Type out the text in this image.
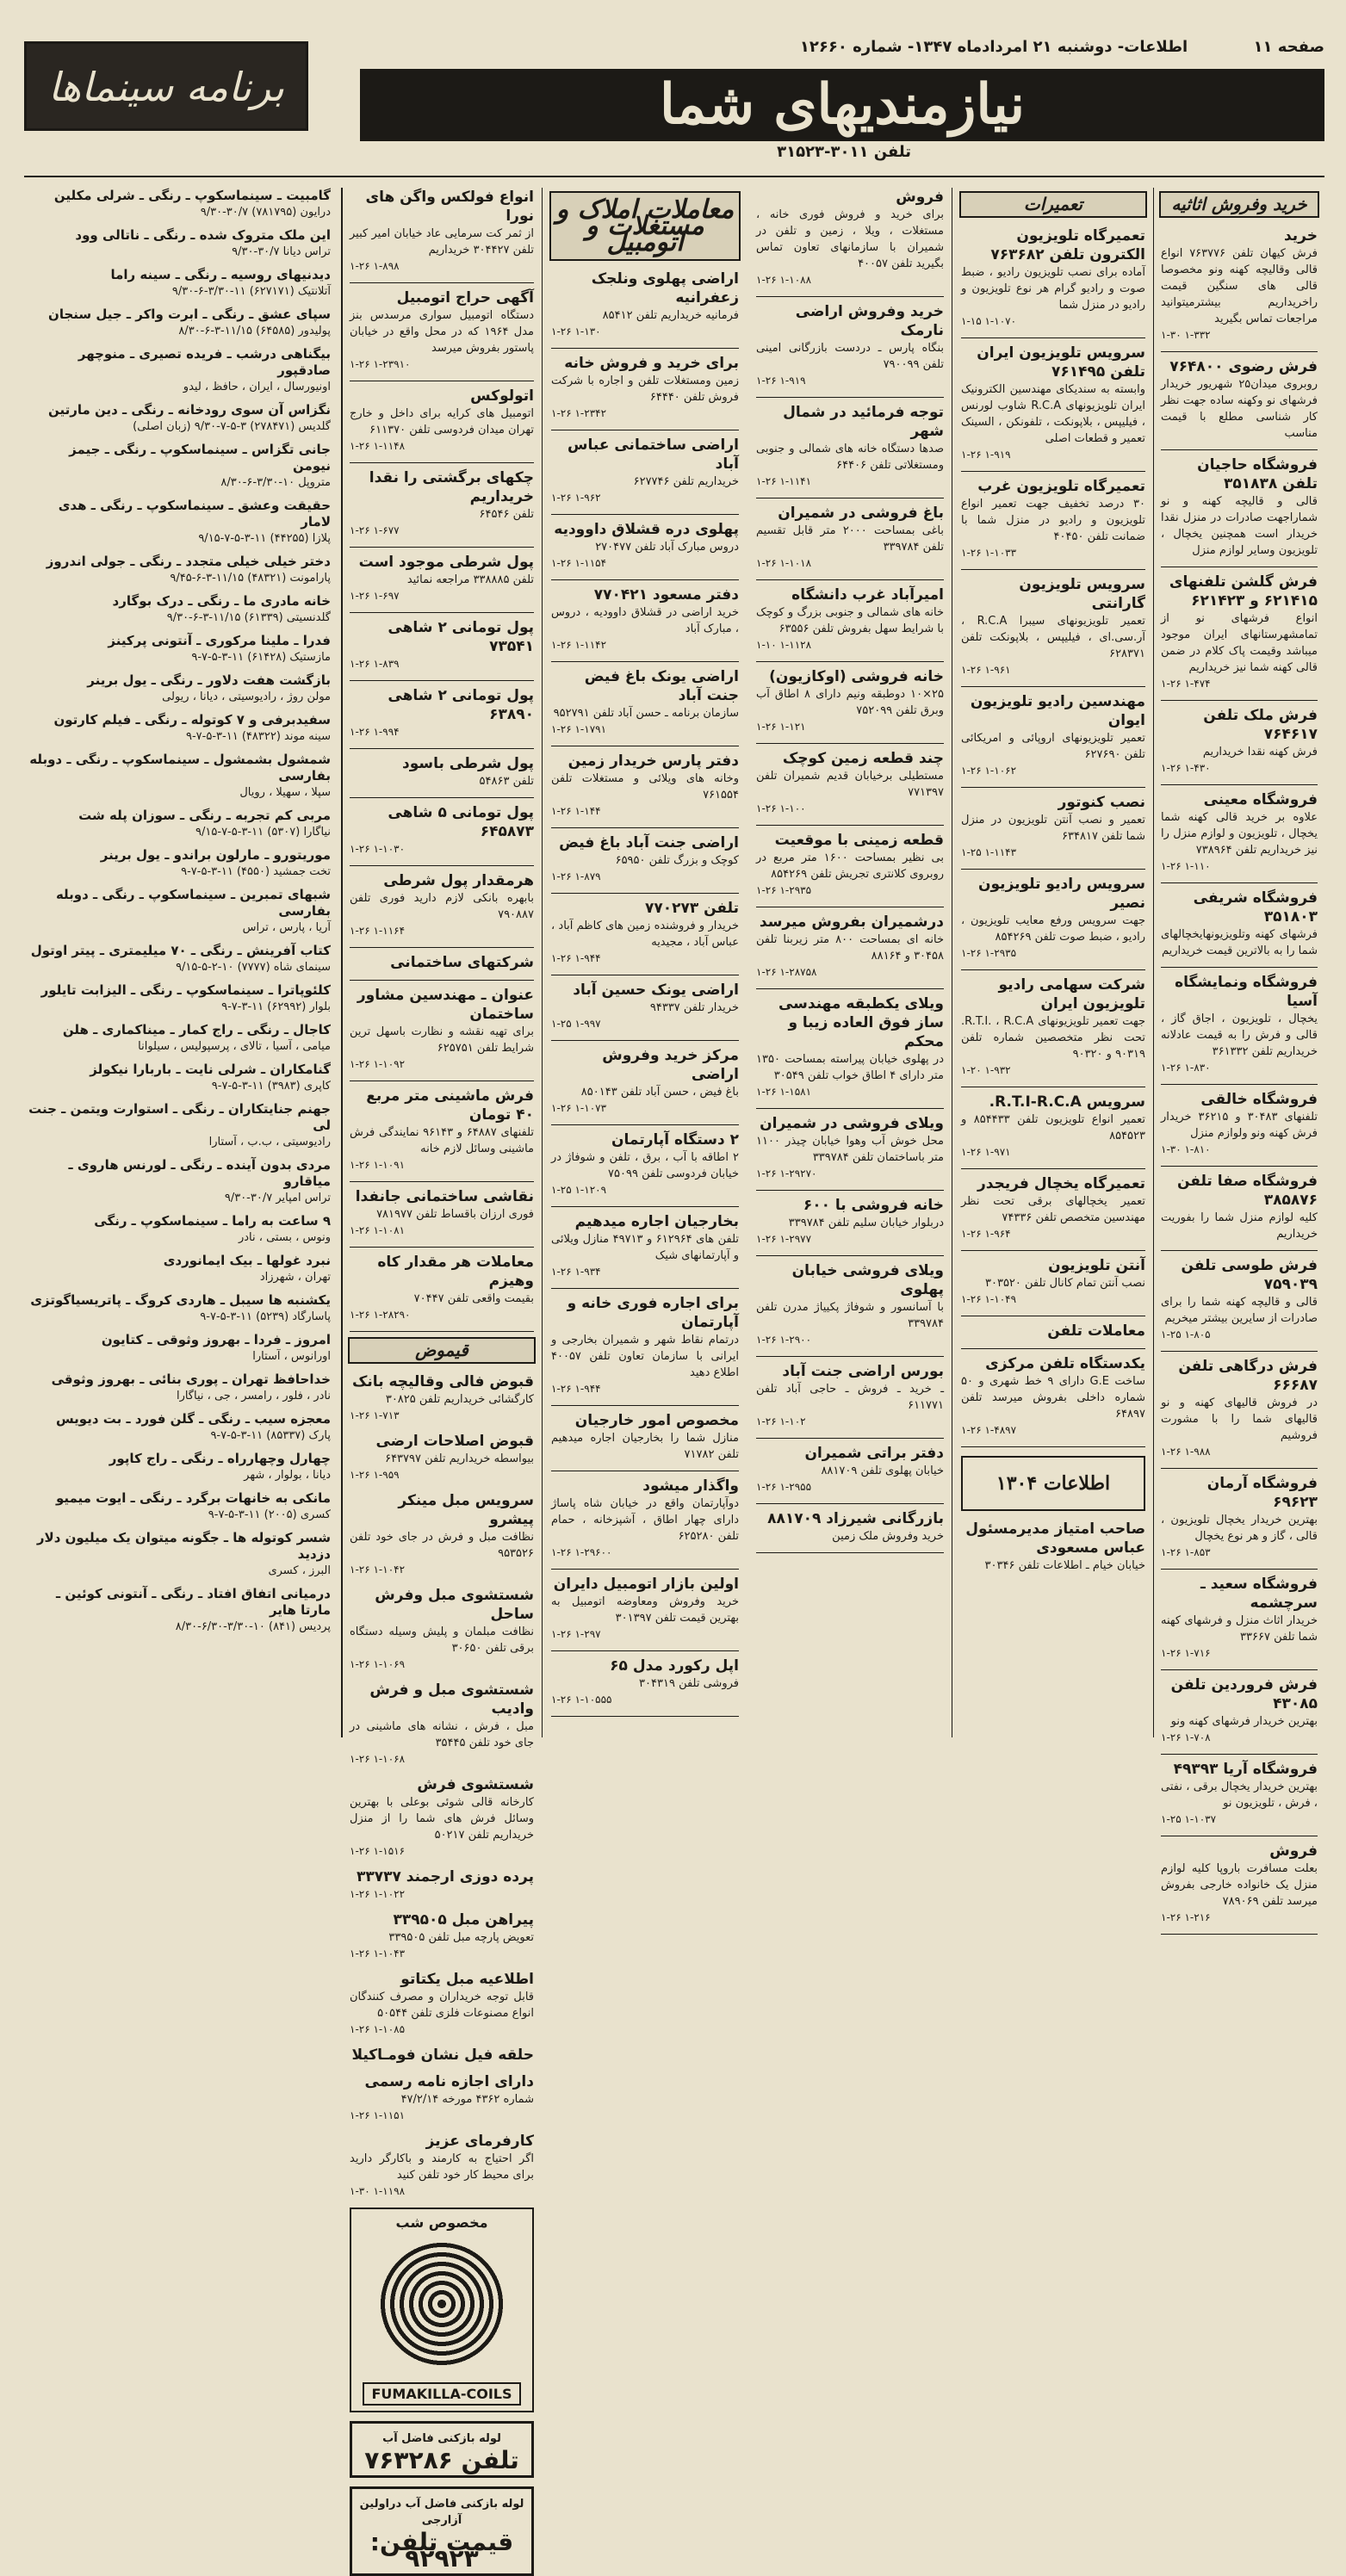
صفحه ۱۱ اطلاعات- دوشنبه ۲۱ امردادماه ۱۳۴۷- شماره ۱۲۶۶۰
نیازمندیهای شما
تلفن ۳۰۱۱-۳۱۵۲۳
برنامه سینماها
خرید وفروش اثاثیه
خرید
فرش کیهان تلفن ۷۶۳۷۷۶ انواع قالی وقالیچه کهنه ونو مخصوصا قالی های سنگین قیمت راخریداریم بیشترمیتوانید مراجعات تماس بگیرید
۱-۳۰ ۱-۳۳۲
فرش رضوی ۷۶۴۸۰۰
روبروی میدان۲۵ شهریور خریدار فرشهای نو وکهنه ساده جهت نظر کار شناسی مطلع با قیمت مناسب
فروشگاه حاجیان تلفن ۳۵۱۸۳۸
قالی و قالیچه کهنه و نو شماراجهت صادرات در منزل نقدا خریدار است همچنین یخچال ، تلویزیون وسایر لوازم منزل
فرش گلشن تلفنهای ۶۲۱۴۱۵ و ۶۲۱۴۲۳
انواع فرشهای نو از تمامشهرستانهای ایران موجود میباشد وقیمت پاک کلام در ضمن قالی کهنه شما نیز خریداریم
۱-۲۶ ۱-۴۷۴
فرش ملک تلفن ۷۶۴۶۱۷
فرش کهنه نقدا خریداریم
۱-۲۶ ۱-۴۳۰
فروشگاه معینی
علاوه بر خرید قالی کهنه شما یخچال ، تلویزیون و لوازم منزل را نیز خریداریم تلفن ۷۳۸۹۶۴
۱-۲۶ ۱-۱۱۰
فروشگاه شریفی ۳۵۱۸۰۳
فرشهای کهنه وتلویزیونهایخچالهای شما را به بالاترین قیمت خریداریم
فروشگاه ونمایشگاه آسیا
یخچال ، تلویزیون ، اجاق گاز ، قالی و فرش را به قیمت عادلانه خریداریم تلفن ۳۶۱۳۳۲
۱-۲۶ ۱-۸۳۰
فروشگاه خالقی
تلفنهای ۳۰۴۸۳ و ۳۶۲۱۵ خریدار فرش کهنه ونو ولوازم منزل
۱-۳۰ ۱-۸۱۰
فروشگاه صفا تلفن ۳۸۵۸۷۶
کلیه لوازم منزل شما را بفوریت خریداریم
فرش طوسی تلفن ۷۵۹۰۳۹
قالی و قالیچه کهنه شما را برای صادرات از سایرین بیشتر میخریم
۱-۲۵ ۱-۸۰۵
فرش درگاهی تلفن ۶۶۶۸۷
در فروش قالیهای کهنه و نو قالیهای شما را با مشورت فروشیم
۱-۲۶ ۱-۹۸۸
فروشگاه آرمان ۶۹۶۲۳
بهترین خریدار یخچال تلویزیون ، قالی ، گاز و هر نوع یخچال
۱-۲۶ ۱-۸۵۳
فروشگاه سعید ـ سرچشمه
خریدار اثاث منزل و فرشهای کهنه شما تلفن ۳۳۶۶۷
۱-۲۶ ۱-۷۱۶
فرش فروردین تلفن ۴۳۰۸۵
بهترین خریدار فرشهای کهنه ونو
۱-۲۶ ۱-۷۰۸
فروشگاه آریا ۴۹۳۹۳
بهترین خریدار یخچال برقی ، نفتی ، فرش ، تلویزیون نو
۱-۲۵ ۱-۱۰۳۷
فروش
بعلت مسافرت باروپا کلیه لوازم منزل یک خانواده خارجی بفروش میرسد تلفن ۷۸۹۰۶۹
۱-۲۶ ۱-۲۱۶
تعمیرات
تعمیرگاه تلویزیون الکترون تلفن ۷۶۳۶۸۲
آماده برای نصب تلویزیون رادیو ، ضبط صوت و رادیو گرام هر نوع تلویزیون و رادیو در منزل شما
۱-۱۵ ۱-۱۰۷۰
سرویس تلویزیون ایران تلفن ۷۶۱۴۹۵
وابسته به سندیکای مهندسین الکترونیک ایران تلویزیونهای R.C.A شاوب لورنس ، فیلیپس ، بلاپونکت ، تلفونکن ، السینک تعمیر و قطعات اصلی
۱-۲۶ ۱-۹۱۹
تعمیرگاه تلویزیون غرب
۳۰ درصد تخفیف جهت تعمیر انواع تلویزیون و رادیو در منزل شما با ضمانت تلفن ۴۰۴۵۰
۱-۲۶ ۱-۱۰۳۳
سرویس تلویزیون گارانتی
تعمیر تلویزیونهای سیبرا R.C.A ، آر.سی.ای ، فیلیپس ، بلاپونکت تلفن ۶۲۸۳۷۱
۱-۲۶ ۱-۹۶۱
مهندسین رادیو تلویزیون ایوان
تعمیر تلویزیونهای اروپائی و امریکائی تلفن ۶۲۷۶۹۰
۱-۲۶ ۱-۱۰۶۲
نصب کنوتور
تعمیر و نصب آنتن تلویزیون در منزل شما تلفن ۶۳۴۸۱۷
۱-۲۵ ۱-۱۱۴۳
سرویس رادیو تلویزیون نصیر
جهت سرویس ورفع معایب تلویزیون ، رادیو ، ضبط صوت تلفن ۸۵۴۲۶۹
۱-۲۶ ۱-۲۹۳۵
شرکت سهامی رادیو تلویزیون ایران
جهت تعمیر تلویزیونهای R.T.I. ، R.C.A. تحت نظر متخصصین شماره تلفن ۹۰۳۱۹ و ۹۰۳۲۰
۱-۲۰ ۱-۹۳۲
سرویس R.T.I-R.C.A.
تعمیر انواع تلویزیون تلفن ۸۵۴۴۳۳ و ۸۵۴۵۲۳
۱-۲۶ ۱-۹۷۱
تعمیرگاه یخچال فریجدر
تعمیر یخچالهای برقی تحت نظر مهندسین متخصص تلفن ۷۴۳۳۶
۱-۲۶ ۱-۹۶۴
آنتن تلویزیون
نصب آنتن تمام کانال تلفن ۳۰۳۵۲۰
۱-۲۶ ۱-۱۰۴۹
معاملات تلفن
یکدستگاه تلفن مرکزی
ساخت G.E دارای ۹ خط شهری و ۵۰ شماره داخلی بفروش میرسد تلفن ۶۴۸۹۷
۱-۲۶ ۱-۴۸۹۷
اطلاعات ۱۳۰۴
صاحب امتیاز مدیرمسئول عباس مسعودی
خیابان خیام ـ اطلاعات تلفن ۳۰۳۴۶
فروش
برای خرید و فروش فوری خانه ، مستغلات ، ویلا ، زمین و تلفن در شمیران با سازمانهای تعاون تماس بگیرید تلفن ۴۰۰۵۷
۱-۲۶ ۱-۱۰۸۸
خرید وفروش اراضی نارمک
بنگاه پارس ـ دردست بازرگانی امینی تلفن ۷۹۰۰۹۹
۱-۲۶ ۱-۹۱۹
توجه فرمائید در شمال شهر
صدها دستگاه خانه های شمالی و جنوبی ومستغلاتی تلفن ۶۴۴۰۶
۱-۲۶ ۱-۱۱۴۱
باغ فروشی در شمیران
باغی بمساحت ۲۰۰۰ متر قابل تقسیم تلفن ۳۳۹۷۸۴
۱-۲۶ ۱-۱۰۱۸
امیرآباد غرب دانشگاه
خانه های شمالی و جنوبی بزرگ و کوچک با شرایط سهل بفروش تلفن ۶۳۵۵۶
۱-۱۰ ۱-۱۱۲۸
خانه فروشی (اوکازیون)
۲۵×۱۰ دوطبقه ونیم دارای ۸ اطاق آب وبرق تلفن ۷۵۲۰۹۹
۱-۲۶ ۱-۱۲۱
چند قطعه زمین کوچک
مستطیلی برخیابان قدیم شمیران تلفن ۷۷۱۳۹۷
۱-۲۶ ۱-۱۰۰
قطعه زمینی با موقعیت
بی نظیر بمساحت ۱۶۰۰ متر مربع در روبروی کلانتری تجریش تلفن ۸۵۴۲۶۹
۱-۲۶ ۱-۲۹۳۵
درشمیران بفروش میرسد
خانه ای بمساحت ۸۰۰ متر زیربنا تلفن ۳۰۴۵۸ و ۸۸۱۶۴
۱-۲۶ ۱-۲۸۷۵۸
ویلای یکطبقه مهندسی ساز فوق العاده زیبا و محکم
در پهلوی خیابان پیراسته بمساحت ۱۳۵۰ متر دارای ۴ اطاق خواب تلفن ۳۰۵۴۹
۱-۲۶ ۱-۱۵۸۱
ویلای فروشی در شمیران
محل خوش آب وهوا خیابان چیذر ۱۱۰۰ متر باساختمان تلفن ۳۳۹۷۸۴
۱-۲۶ ۱-۲۹۲۷۰
خانه فروشی با ۶۰۰
دربلوار خیابان سلیم تلفن ۳۳۹۷۸۴
۱-۲۶ ۱-۲۹۷۷
ویلای فروشی خیابان پهلوی
با آسانسور و شوفاژ پکییاژ مدرن تلفن ۳۳۹۷۸۴
۱-۲۶ ۱-۲۹۰۰
بورس اراضی جنت آباد
ـ خرید ـ فروش ـ حاجی آباد تلفن ۶۱۱۷۷۱
۱-۲۶ ۱-۱۰۲
دفتر براتی شمیران
خیابان پهلوی تلفن ۸۸۱۷۰۹
۱-۲۶ ۱-۲۹۵۵
بازرگانی شیرزاد ۸۸۱۷۰۹
خرید وفروش ملک زمین
معاملات املاک و مستغلات و اتومبیل
اراضی پهلوی ونلجک زعفرانیه
فرمانیه خریداریم تلفن ۸۵۴۱۲
۱-۲۶ ۱-۱۳۰
برای خرید و فروش خانه
زمین ومستغلات تلفن و اجاره با شرکت فروش تلفن ۶۴۴۴۰
۱-۲۶ ۱-۲۳۴۲
اراضی ساختمانی عباس آباد
خریداریم تلفن ۶۲۷۷۴۶
۱-۲۶ ۱-۹۶۲
پهلوی دره قشلاق داوودیه
دروس مبارک آباد تلفن ۲۷۰۴۷۷
۱-۲۶ ۱-۱۱۵۴
دفتر مسعود ۷۷۰۴۲۱
خرید اراضی در قشلاق داوودیه ، دروس ، مبارک آباد
۱-۲۶ ۱-۱۱۴۲
اراضی یونک باغ فیض جنت آباد
سازمان برنامه ـ حسن آباد تلفن ۹۵۲۷۹۱
۱-۲۶ ۱-۱۷۹۱
دفتر پارس خریدار زمین
وخانه های ویلائی و مستغلات تلفن ۷۶۱۵۵۴
۱-۲۶ ۱-۱۴۴
اراضی جنت آباد باغ فیض
کوچک و بزرگ تلفن ۶۵۹۵۰
۱-۲۶ ۱-۸۷۹
تلفن ۷۷۰۲۷۳
خریدار و فروشنده زمین های کاظم آباد ، عباس آباد ، مجیدیه
۱-۲۶ ۱-۹۴۴
اراضی یونک حسین آباد
خریدار تلفن ۹۴۳۳۷
۱-۲۵ ۱-۹۹۷
مرکز خرید وفروش اراضی
باغ فیض ، حسن آباد تلفن ۸۵۰۱۴۳
۱-۲۶ ۱-۱۰۷۳
۲ دستگاه آپارتمان
۲ اطاقه با آب ، برق ، تلفن و شوفاژ در خیابان فردوسی تلفن ۷۵۰۹۹
۱-۲۵ ۱-۱۲۰۹
بخارجیان اجاره میدهیم
تلفن های ۶۱۲۹۶۴ و ۴۹۷۱۳ منازل ویلائی و آپارتمانهای شیک
۱-۲۶ ۱-۹۳۴
برای اجاره فوری خانه و آپارتمان
درتمام نقاط شهر و شمیران بخارجی و ایرانی با سازمان تعاون تلفن ۴۰۰۵۷ اطلاع دهید
۱-۲۶ ۱-۹۴۴
مخصوص امور خارجیان
منازل شما را بخارجیان اجاره میدهیم تلفن ۷۱۷۸۲
واگذار میشود
دوآپارتمان واقع در خیابان شاه پاساژ دارای چهار اطاق ، آشپزخانه ، حمام تلفن ۶۲۵۲۸۰
۱-۲۶ ۱-۲۹۶۰۰
اولین بازار اتومبیل دایران
خرید وفروش ومعاوضه اتومبیل به بهترین قیمت تلفن ۳۰۱۳۹۷
۱-۲۶ ۱-۲۹۷
اپل رکورد مدل ۶۵
فروشی تلفن ۳۰۴۳۱۹
۱-۲۶ ۱-۱۰۵۵۵
انواع فولکس واگن های نورا
از ثمر کت سرمایی عاد خیابان امیر کبیر تلفن ۳۰۴۴۲۷ خریداریم
۱-۲۶ ۱-۸۹۸
آگهی حراج اتومبیل
دستگاه اتومبیل سواری مرسدس بنز مدل ۱۹۶۴ که در محل واقع در خیابان پاستور بفروش میرسد
۱-۲۶ ۱-۲۳۹۱۰
اتولوکس
اتومبیل های کرایه برای داخل و خارج تهران میدان فردوسی تلفن ۶۱۱۳۷۰
۱-۲۶ ۱-۱۱۴۸
چکهای برگشتی را نقدا خریداریم
تلفن ۶۴۵۴۶
۱-۲۶ ۱-۶۷۷
پول شرطی موجود است
تلفن ۳۳۸۸۸۵ مراجعه نمائید
۱-۲۶ ۱-۶۹۷
پول تومانی ۲ شاهی ۷۳۵۴۱
۱-۲۶ ۱-۸۳۹
پول تومانی ۲ شاهی ۶۳۸۹۰
۱-۲۶ ۱-۹۹۴
پول شرطی باسود
تلفن ۵۴۸۶۳
پول تومانی ۵ شاهی ۶۴۵۸۷۳
۱-۲۶ ۱-۱۰۳۰
هرمقدار پول شرطی
بابهره بانکی لازم دارید فوری تلفن ۷۹۰۸۸۷
۱-۲۶ ۱-۱۱۶۴
شرکتهای ساختمانی
عنوان ـ مهندسین مشاور ساختمان
برای تهیه نقشه و نظارت باسهل ترین شرایط تلفن ۶۲۵۷۵۱
۱-۲۶ ۱-۱۰۹۲
فرش ماشینی متر مربع ۴۰ تومان
تلفنهای ۶۴۸۸۷ و ۹۶۱۴۳ نمایندگی فرش ماشینی وسائل لازم خانه
۱-۲۶ ۱-۱۰۹۱
نقاشی ساختمانی جانفدا
فوری ارزان باقساط تلفن ۷۸۱۹۷۷
۱-۲۶ ۱-۱۰۸۱
معاملات هر مقدار کاه وهیزم
بقیمت واقعی تلفن ۷۰۴۴۷
۱-۲۶ ۱-۲۸۲۹۰
قیموض
قبوض فالی وقالیچه بانک
کارگشائی خریداریم تلفن ۳۰۸۲۵
۱-۲۶ ۱-۷۱۳
قبوض اصلاحات ارضی
بیواسطه خریداریم تلفن ۶۴۳۷۹۷
۱-۲۶ ۱-۹۵۹
سرویس مبل مینکر پیشرو
نظافت مبل و فرش در جای خود تلفن ۹۵۳۵۲۶
۱-۲۶ ۱-۱۰۴۲
شستشوی مبل وفرش ساحل
نظافت مبلمان و پلیش وسیله دستگاه برقی تلفن ۳۰۶۵۰
۱-۲۶ ۱-۱۰۶۹
شستشوی مبل و فرش وادیب
مبل ، فرش ، نشانه های ماشینی در جای خود تلفن ۳۵۴۴۵
۱-۲۶ ۱-۱۰۶۸
شستشوی فرش
کارخانه قالی شوئی بوعلی با بهترین وسائل فرش های شما را از منزل خریداریم تلفن ۵۰۲۱۷
۱-۲۶ ۱-۱۵۱۶
پرده دوزی ارجمند ۳۳۷۳۷
۱-۲۶ ۱-۱۰۲۲
پیراهن مبل ۳۳۹۵۰۵
تعویض پارچه مبل تلفن ۳۳۹۵۰۵
۱-۲۶ ۱-۱۰۴۳
اطلاعیه مبل یکتاتو
قابل توجه خریداران و مصرف کنندگان انواع مصنوعات فلزی تلفن ۵۰۵۴۴
۱-۲۶ ۱-۱۰۸۵
حلقه فیل نشان فومـاکیلا
دارای اجازه نامه رسمی
شماره ۴۳۶۲ مورخه ۴۷/۲/۱۴
۱-۲۶ ۱-۱۱۵۱
کارفرمای عزیز
اگر احتیاج به کارمند و باکارگر دارید برای محیط کار خود تلفن کنید
۱-۳۰ ۱-۱۱۹۸
مخصوص شب
FUMAKILLA-COILS
لوله بازکنی فاضل آب
تلفن ۷۶۳۲۸۶
لوله بازکنی فاضل آب دراولین آزارجی
قیمت تلفن: ۹۲۹۲۳
گامبیت ـ سینماسکوپ ـ رنگی ـ شرلی مکلین
درایون (۷۸۱۷۹۵) ۳۰/۷-۹/۳۰
این ملک متروک شده ـ رنگی ـ ناتالی وود
تراس دیانا ۳۰/۷-۹/۳۰
دیدنیهای روسیه ـ رنگی ـ سینه راما
آتلانتیک (۶۲۷۱۷۱) ۱۱-۳/۳۰-۶-۹/۳۰
سپای عشق ـ رنگی ـ ابرت واکر ـ جیل سنجان
پولیدور (۶۴۵۸۵) ۱۱/۱۵-۳-۶-۸/۳۰
بیگناهی درشب ـ فریده تصیری ـ منوچهر صادقپور
اونیورسال ، ایران ، حافظ ، لیدو
نگزاس آن سوی رودخانه ـ رنگی ـ دین مارتین
گلدیس (۲۷۸۴۷۱) ۳-۵-۷-۹/۳۰ (زبان اصلی)
جانی تگزاس ـ سینماسکوپ ـ رنگی ـ جیمز نیومن
متروپل ۱۰-۳/۳۰-۶-۸/۳۰
حقیقت وعشق ـ سینماسکوپ ـ رنگی ـ هدی لامار
پلازا (۴۴۲۵۵) ۱۱-۳-۵-۷-۹/۱۵
دختر خیلی خیلی متجدد ـ رنگی ـ جولی اندروز
پارامونت (۴۸۳۲۱) ۱۱/۱۵-۳-۶-۹/۴۵
خانه مادری ما ـ رنگی ـ درک بوگارد
گلدنسیتی (۶۱۳۳۹) ۱۱/۱۵-۳-۶-۹/۳۰
فدرا ـ ملینا مرکوری ـ آنتونی پرکینز
مازستیک (۶۱۴۲۸) ۱۱-۳-۵-۷-۹
بازگشت هفت دلاور ـ رنگی ـ یول برینر
مولن روژ ، رادیوسیتی ، دیانا ، ریولی
سفیدبرفی و ۷ کوتوله ـ رنگی ـ فیلم کارتون
سینه موند (۴۸۳۲۲) ۱۱-۳-۵-۷-۹
شمشول بشمشول ـ سینماسکوپ ـ رنگی ـ دوبله بفارسی
سپلا ، سهیلا ، رویال
مربی کم تجربه ـ رنگی ـ سوزان پله شت
نیاگارا (۵۳۰۷) ۱۱-۳-۵-۷-۹/۱۵
موریتورو ـ مارلون براندو ـ یول برینر
تخت جمشید (۴۵۵۰) ۱۱-۳-۵-۷-۹
شبهای تمبرین ـ سینماسکوپ ـ رنگی ـ دوبله بفارسی
آریا ، پارس ، تراس
کتاب آفرینش ـ رنگی ـ ۷۰ میلیمتری ـ پیتر اوتول
سینمای شاه (۷۷۷۷) ۱۰-۲-۵-۹/۱۵
کلئوپاترا ـ سینماسکوپ ـ رنگی ـ الیزابت تایلور
بلوار (۶۲۹۹۲) ۱۱-۳-۷-۹
کاجال ـ رنگی ـ راج کمار ـ میناکماری ـ هلن
میامی ، آسیا ، تالای ، پرسپولیس ، سیلوانا
گنامکاران ـ شرلی نایت ـ باربارا نیکولز
کاپری (۳۹۸۳) ۱۱-۳-۵-۷-۹
جهنم جنایتکاران ـ رنگی ـ استوارت ویتمن ـ جنت لی
رادیوسیتی ، ب.ب ، آستارا
مردی بدون آینده ـ رنگی ـ لورنس هاروی ـ میاقارو
تراس امپایر ۳۰/۷-۹/۳۰
۹ ساعت به راما ـ سینماسکوپ ـ رنگی
ونوس ، بستی ، نادر
نبرد غولها ـ بیک ایمانوردی
تهران ، شهرزاد
یکشنبه ها سیبل ـ هاردی کروگ ـ پاتریسیاگوتزی
پاسارگاد (۵۲۳۹) ۱۱-۳-۵-۷-۹
امروز ـ فردا ـ بهروز وثوقی ـ کتایون
اورانوس ، آستارا
خداحافظ تهران ـ پوری بنائی ـ بهروز وثوقی
نادر ، فلور ، رامسر ، جی ، نیاگارا
معجزه سیب ـ رنگی ـ گلن فورد ـ بت دیویس
پارک (۸۵۳۳۷) ۱۱-۳-۵-۷-۹
چهارل وچهارراه ـ رنگی ـ راج کاپور
دیانا ، بولوار ، شهر
مانکی به خانهات برگرد ـ رنگی ـ ایوت میمیو
کسری (۲۰۰۵) ۱۱-۳-۵-۷-۹
شسر کوتوله ها ـ جگونه میتوان یک میلیون دلار دزدید
البرز ، کسری
درمیانی اتفاق افتاد ـ رنگی ـ آنتونی کوئین ـ مارتا هاير
پردیس (۸۴۱) ۱۰-۳/۳۰-۶/۳۰-۸/۳۰
